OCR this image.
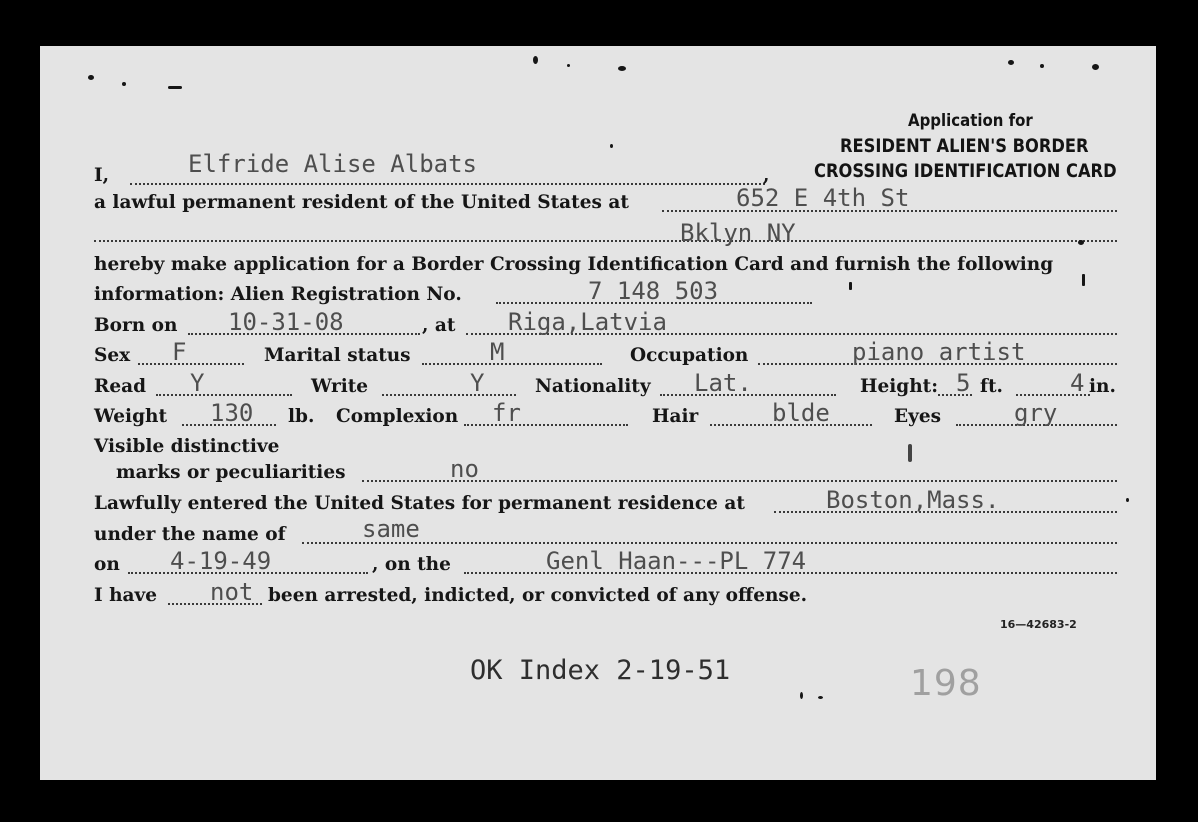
Application for
RESIDENT ALIEN'S BORDER
CROSSING IDENTIFICATION CARD
I,	Elfride Alise Albats	,
a lawful permanent resident of the United States at	652 E 4th St
Bklyn NY
hereby make application for a Border Crossing Identification Card and furnish the following
information: Alien Registration No.	7 148 503
Born on 10-31-08	, at Riga,Latvia
Sex F	Marital status	M	Occupation	piano artist
Read Y	Write	Y	Nationality Lat.	Height: 5 ft.	4 in.
Weight 130 lb. Complexion fr	Hair	blde	Eyes	gry
Visible distinctive
marks or peculiarities	no
Lawfully entered the United States for permanent residence at	Boston,Mass.
under the name of	same
on 4-19-49	, on the	Genl Haan---PL 774
I have not been arrested, indicted, or convicted of any offense.
16—42683-2
OK Index 2-19-51	198
